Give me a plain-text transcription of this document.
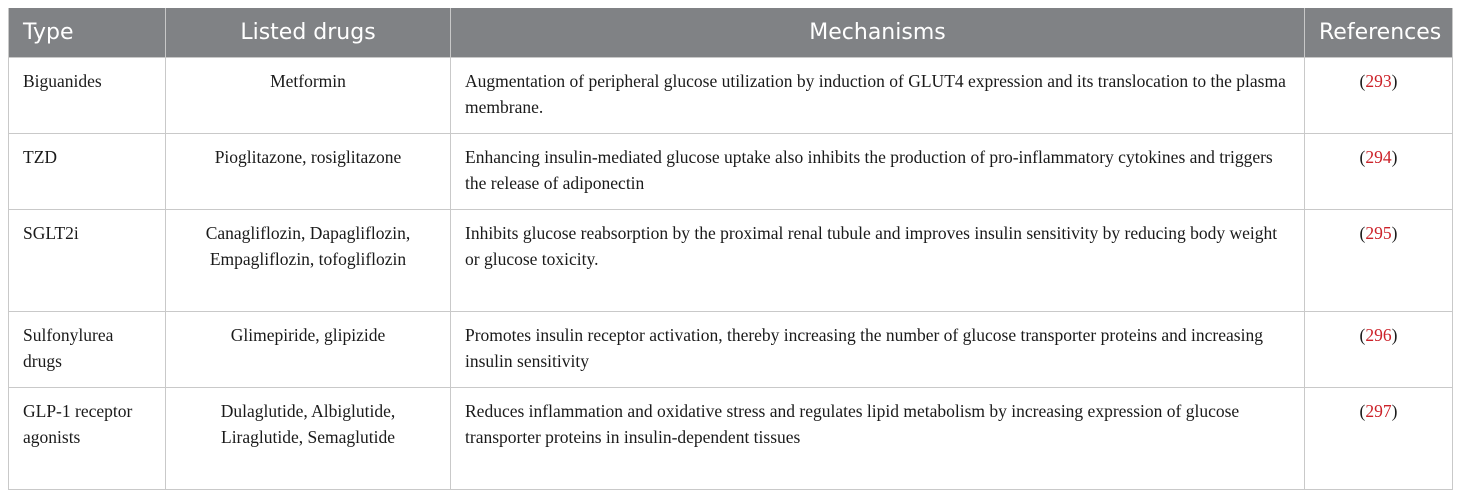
Type	Listed drugs	Mechanisms	References
Biguanides	Metformin	Augmentation of peripheral glucose utilization by induction of GLUT4 expression and its translocation to the plasma membrane.	(293)
TZD	Pioglitazone, rosiglitazone	Enhancing insulin-mediated glucose uptake also inhibits the production of pro-inflammatory cytokines and triggers the release of adiponectin	(294)
SGLT2i	Canagliflozin, Dapagliflozin, Empagliflozin, tofogliflozin	Inhibits glucose reabsorption by the proximal renal tubule and improves insulin sensitivity by reducing body weight or glucose toxicity.	(295)
Sulfonylurea drugs	Glimepiride, glipizide	Promotes insulin receptor activation, thereby increasing the number of glucose transporter proteins and increasing insulin sensitivity	(296)
GLP-1 receptor agonists	Dulaglutide, Albiglutide, Liraglutide, Semaglutide	Reduces inflammation and oxidative stress and regulates lipid metabolism by increasing expression of glucose transporter proteins in insulin-dependent tissues	(297)
